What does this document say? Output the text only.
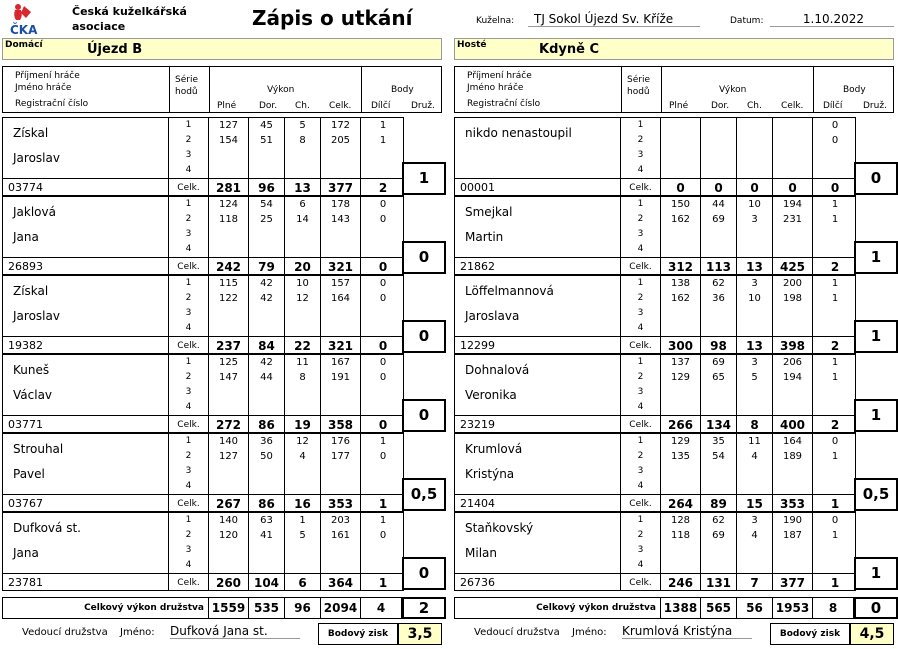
ČKA
Česká kuželkářská
asociace	Zápis o utkání	Kuželna:	TJ Sokol Újezd Sv. Kříže	Datum:	1.10.2022
Domácí	Újezd B	Hosté	Kdyně C
Příjmení hráče
Jméno hráče
Registrační číslo
Série
hodů	Výkon
Plné	Dor. Ch. Celk.
Body
Dílčí Druž.
Získal
Jaroslav
03774
1	127	45	5	172	1
2	154	51	8	205	1
3
4
Celk.	281	96	13	377	2
1
Jaklová
Jana
26893
1	124	54	6	178	0
2	118	25	14	143	0
3
4
Celk.	242	79	20	321	0
0
Získal
Jaroslav
19382
1	115	42	10	157	0
2	122	42	12	164	0
3
4
Celk.	237	84	22	321	0
0
Kuneš
Václav
03771
1	125	42	11	167	0
2	147	44	8	191	0
3
4
Celk.	272	86	19	358	0
0
Strouhal
Pavel
03767
1	140	36	12	176	1
2	127	50	4	177	0
3
4
Celk.	267	86	16	353	1
0,5
Dufková st.
Jana
23781
1	140	63	1	203	1
2	120	41	5	161	0
3
4
Celk.	260	104	6	364	1
0
Celkový výkon družstva 1559 535	96	2094	4	2
Vedoucí družstva Jméno: Dufková Jana st.	Bodový zisk	3,5
Příjmení hráče
Jméno hráče
Registrační číslo
Série
hodů	Výkon
Plné	Dor. Ch. Celk.
Body
Dílčí Druž.
nikdo nenastoupil
00001
1	0
2	0
3
4
Celk.	0	0	0	0	0
0
Smejkal
Martin
21862
1	150	44	10	194	1
2	162	69	3	231	1
3
4
Celk.	312	113	13	425	2
1
Löffelmannová
Jaroslava
12299
1	138	62	3	200	1
2	162	36	10	198	1
3
4
Celk.	300	98	13	398	2
1
Dohnalová
Veronika
23219
1	137	69	3	206	1
2	129	65	5	194	1
3
4
Celk.	266	134	8	400	2
1
Krumlová
Kristýna
21404
1	129	35	11	164	0
2	135	54	4	189	1
3
4
Celk.	264	89	15	353	1
0,5
Staňkovský
Milan
26736
1	128	62	3	190	0
2	118	69	4	187	1
3
4
Celk.	246	131	7	377	1
1
Celkový výkon družstva 1388 565	56	1953	8	0
Vedoucí družstva Jméno: Krumlová Kristýna	Bodový zisk	4,5
